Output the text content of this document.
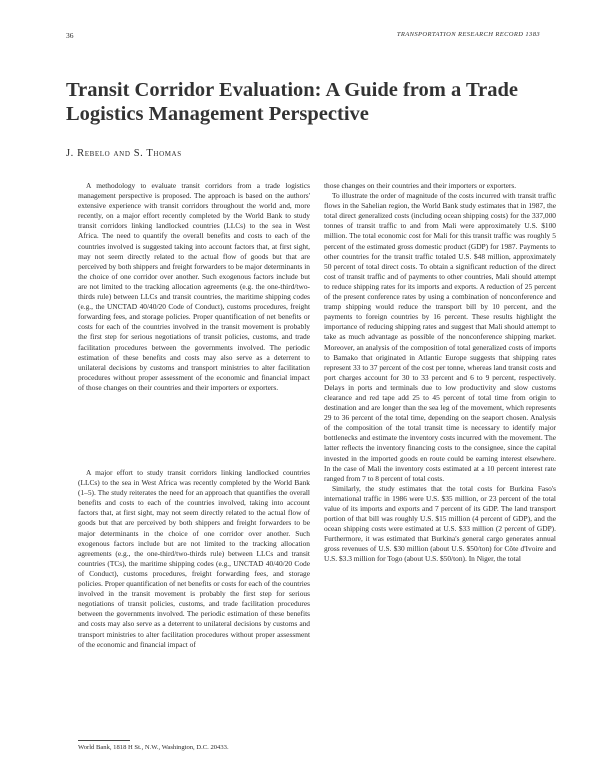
36	TRANSPORTATION RESEARCH RECORD 1383
Transit Corridor Evaluation: A Guide from a Trade Logistics Management Perspective
J. Rebelo and S. Thomas

A methodology to evaluate transit corridors from a trade logistics management perspective is proposed. The approach is based on the authors' extensive experience with transit corridors throughout the world and, more recently, on a major effort recently completed by the World Bank to study transit corridors linking landlocked countries (LLCs) to the sea in West Africa. The need to quantify the overall benefits and costs to each of the countries involved is suggested taking into account factors that, at first sight, may not seem directly related to the actual flow of goods but that are perceived by both shippers and freight forwarders to be major determinants in the choice of one corridor over another. Such exogenous factors include but are not limited to the tracking allocation agreements (e.g. the one-third/two-thirds rule) between LLCs and transit countries, the maritime shipping codes (e.g., the UNCTAD 40/40/20 Code of Conduct), customs procedures, freight forwarding fees, and storage policies. Proper quantification of net benefits or costs for each of the countries involved in the transit movement is probably the first step for serious negotiations of transit policies, customs, and trade facilitation procedures between the governments involved. The periodic estimation of these benefits and costs may also serve as a deterrent to unilateral decisions by customs and transport ministries to alter facilitation procedures without proper assessment of the economic and financial impact of those changes on their countries and their importers or exporters.

A major effort to study transit corridors linking landlocked countries (LLCs) to the sea in West Africa was recently completed by the World Bank (1–5). The study reiterates the need for an approach that quantifies the overall benefits and costs to each of the countries involved, taking into account factors that, at first sight, may not seem directly related to the actual flow of goods but that are perceived by both shippers and freight forwarders to be major determinants in the choice of one corridor over another. Such exogenous factors include but are not limited to the tracking allocation agreements (e.g., the one-third/two-thirds rule) between LLCs and transit countries (TCs), the maritime shipping codes (e.g., UNCTAD 40/40/20 Code of Conduct), customs procedures, freight forwarding fees, and storage policies. Proper quantification of net benefits or costs for each of the countries involved in the transit movement is probably the first step for serious negotiations of transit policies, customs, and trade facilitation procedures between the governments involved. The periodic estimation of these benefits and costs may also serve as a deterrent to unilateral decisions by customs and transport ministries to alter facilitation procedures without proper assessment of the economic and financial impact of

those changes on their countries and their importers or exporters.

To illustrate the order of magnitude of the costs incurred with transit traffic flows in the Sahelian region, the World Bank study estimates that in 1987, the total direct generalized costs (including ocean shipping costs) for the 337,000 tonnes of transit traffic to and from Mali were approximately U.S. $100 million. The total economic cost for Mali for this transit traffic was roughly 5 percent of the estimated gross domestic product (GDP) for 1987. Payments to other countries for the transit traffic totaled U.S. $48 million, approximately 50 percent of total direct costs. To obtain a significant reduction of the direct cost of transit traffic and of payments to other countries, Mali should attempt to reduce shipping rates for its imports and exports. A reduction of 25 percent of the present conference rates by using a combination of nonconference and tramp shipping would reduce the transport bill by 10 percent, and the payments to foreign countries by 16 percent. These results highlight the importance of reducing shipping rates and suggest that Mali should attempt to take as much advantage as possible of the nonconference shipping market. Moreover, an analysis of the composition of total generalized costs of imports to Bamako that originated in Atlantic Europe suggests that shipping rates represent 33 to 37 percent of the cost per tonne, whereas land transit costs and port charges account for 30 to 33 percent and 6 to 9 percent, respectively. Delays in ports and terminals due to low productivity and slow customs clearance and red tape add 25 to 45 percent of total time from origin to destination and are longer than the sea leg of the movement, which represents 29 to 36 percent of the total time, depending on the seaport chosen. Analysis of the composition of the total transit time is necessary to identify major bottlenecks and estimate the inventory costs incurred with the movement. The latter reflects the inventory financing costs to the consignee, since the capital invested in the imported goods en route could be earning interest elsewhere. In the case of Mali the inventory costs estimated at a 10 percent interest rate ranged from 7 to 8 percent of total costs.

Similarly, the study estimates that the total costs for Burkina Faso's international traffic in 1986 were U.S. $35 million, or 23 percent of the total value of its imports and exports and 7 percent of its GDP. The land transport portion of that bill was roughly U.S. $15 million (4 percent of GDP), and the ocean shipping costs were estimated at U.S. $33 million (2 percent of GDP). Furthermore, it was estimated that Burkina's general cargo generates annual gross revenues of U.S. $30 million (about U.S. $50/ton) for Côte d'Ivoire and U.S. $3.3 million for Togo (about U.S. $50/ton). In Niger, the total

World Bank, 1818 H St., N.W., Washington, D.C. 20433.
